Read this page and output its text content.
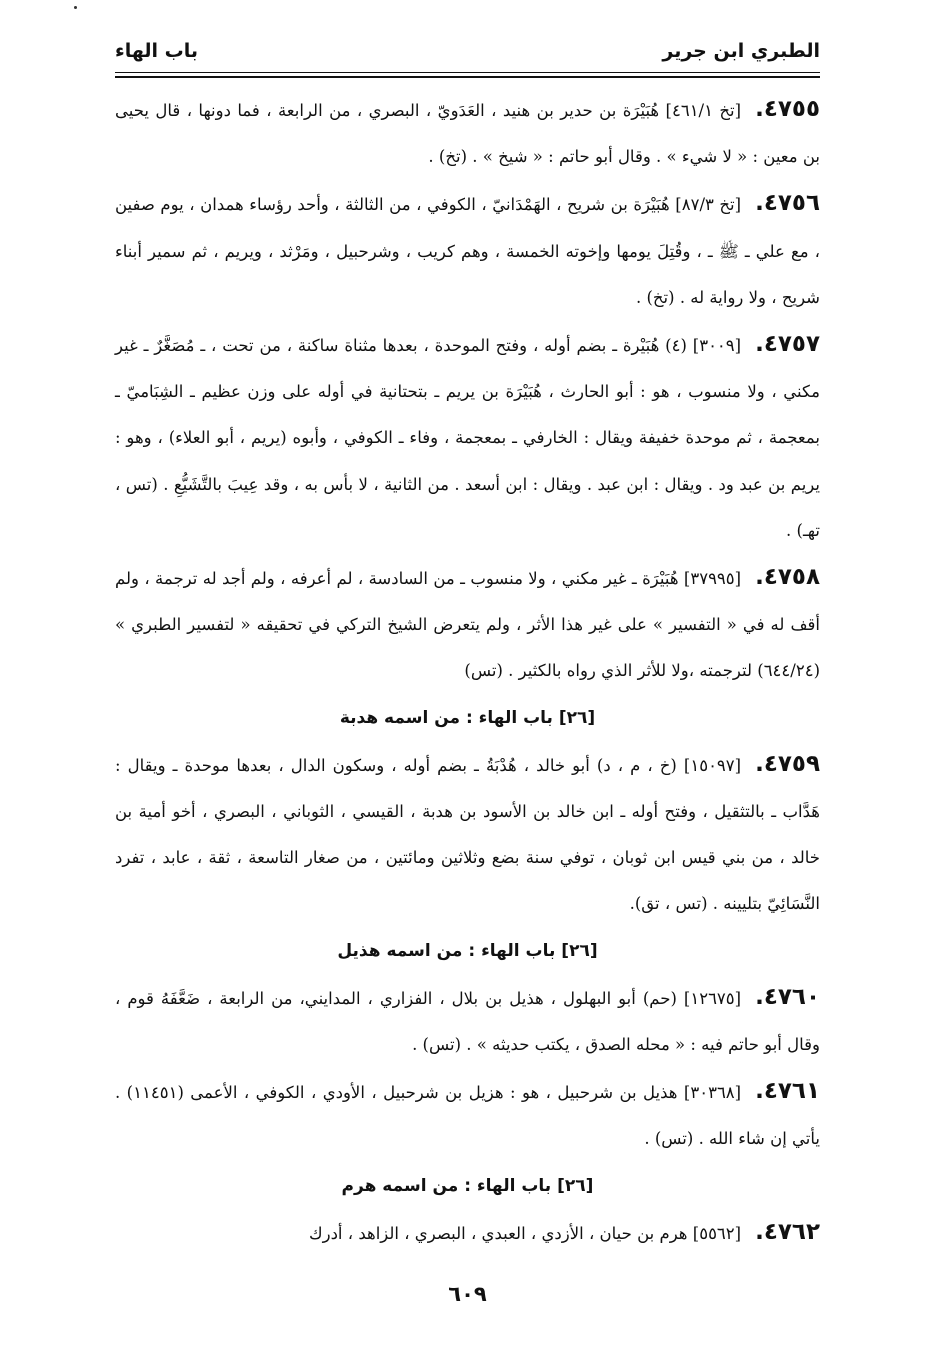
الطبري ابن جرير
باب الهاء

٤٧٥٥.[تخ ٤٦١/١] هُبَيْرَة بن حدير بن هنيد ، العَدَويّ ، البصري ، من الرابعة ، فما دونها ، قال يحيى بن معين : « لا شيء » . وقال أبو حاتم : « شيخ » . (تخ) .

٤٧٥٦.[تخ ٨٧/٣] هُبَيْرَة بن شريح ، الهَمْدَانيّ ، الكوفي ، من الثالثة ، وأحد رؤساء همدان ، يوم صفين ، مع علي ـ ﷺ ـ ، وقُتِلَ يومها وإخوته الخمسة ، وهم كريب ، وشرحبيل ، ومَرْثد ، ويريم ، ثم سمير أبناء شريح ، ولا رواية له . (تخ) .

٤٧٥٧.[٣٠٠٩] (٤) هُبَيْرة ـ بضم أوله ، وفتح الموحدة ، بعدها مثناة ساكنة ، من تحت ، ـ مُصَغَّرٌ ـ غير مكني ، ولا منسوب ، هو : أبو الحارث ، هُبَيْرَة بن يريم ـ بتحتانية في أوله على وزن عظيم ـ الشِبَاميّ ـ بمعجمة ، ثم موحدة خفيفة ويقال : الخارفي ـ بمعجمة ، وفاء ـ الكوفي ، وأبوه (يريم ، أبو العلاء) ، وهو : يريم بن عبد ود . ويقال : ابن عبد . ويقال : ابن أسعد . من الثانية ، لا بأس به ، وقد عِيبَ بالتَّشَيُّعِ . (تس ، تهـ) .

٤٧٥٨.[٣٧٩٩٥] هُبَيْرَة ـ غير مكني ، ولا منسوب ـ من السادسة ، لم أعرفه ، ولم أجد له ترجمة ، ولم أقف له في « التفسير » على غير هذا الأثر ، ولم يتعرض الشيخ التركي في تحقيقه « لتفسير الطبري » (٦٤٤/٢٤) لترجمته ،ولا للأثر الذي رواه بالكثير . (تس)

[٢٦] باب الهاء : من اسمه هدبة

٤٧٥٩.[١٥٠٩٧] (خ ، م ، د) أبو خالد ، هُدْبَةُ ـ بضم أوله ، وسكون الدال ، بعدها موحدة ـ ويقال : هَدَّاب ـ بالتثقيل ، وفتح أوله ـ ابن خالد بن الأسود بن هدبة ، القيسي ، الثوباني ، البصري ، أخو أمية بن خالد ، من بني قيس ابن ثوبان ، توفي سنة بضع وثلاثين ومائتين ، من صغار التاسعة ، ثقة ، عابد ، تفرد النَّسَائِيّ بتليينه . (تس ، تق).

[٢٦] باب الهاء : من اسمه هذيل

٤٧٦٠.[١٢٦٧٥] (حم) أبو البهلول ، هذيل بن بلال ، الفزاري ، المدايني، من الرابعة ، ضَعَّفَهُ قوم ، وقال أبو حاتم فيه : « محله الصدق ، يكتب حديثه » . (تس) .

٤٧٦١.[٣٠٣٦٨] هذيل بن شرحبيل ، هو : هزيل بن شرحبيل ، الأودي ، الكوفي ، الأعمى (١١٤٥١) . يأتي إن شاء الله . (تس) .

[٢٦] باب الهاء : من اسمه هرم

٤٧٦٢.[٥٥٦٢] هرم بن حيان ، الأزدي ، العبدي ، البصري ، الزاهد ، أدرك

٦٠٩
